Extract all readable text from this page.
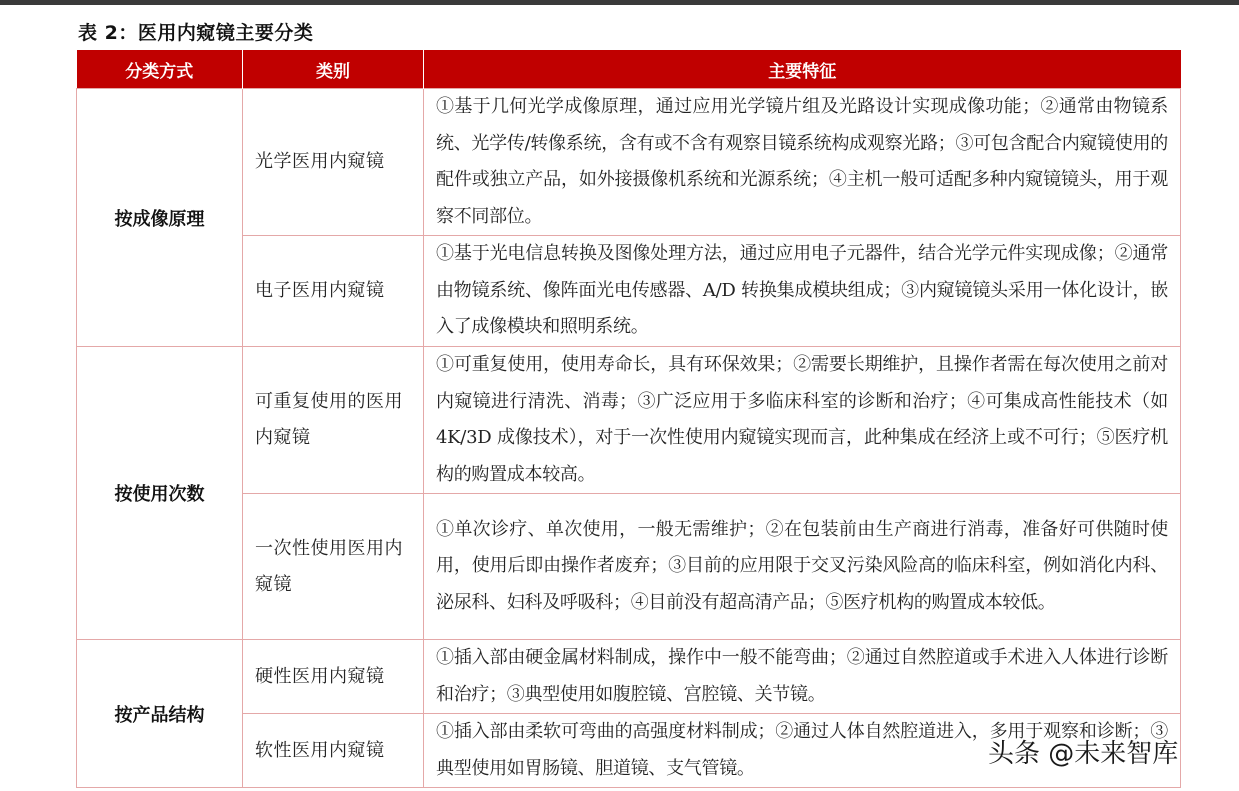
表 2：医用内窥镜主要分类
分类方式	类别	主要特征
按成像原理	光学医用内窥镜	①基于几何光学成像原理，通过应用光学镜片组及光路设计实现成像功能；②通常由物镜系统、光学传/转像系统，含有或不含有观察目镜系统构成观察光路；③可包含配合内窥镜使用的配件或独立产品，如外接摄像机系统和光源系统；④主机一般可适配多种内窥镜镜头，用于观察不同部位。
	电子医用内窥镜	①基于光电信息转换及图像处理方法，通过应用电子元器件，结合光学元件实现成像；②通常由物镜系统、像阵面光电传感器、A/D 转换集成模块组成；③内窥镜镜头采用一体化设计，嵌入了成像模块和照明系统。
按使用次数	可重复使用的医用内窥镜	①可重复使用，使用寿命长，具有环保效果；②需要长期维护，且操作者需在每次使用之前对内窥镜进行清洗、消毒；③广泛应用于多临床科室的诊断和治疗；④可集成高性能技术（如 4K/3D 成像技术），对于一次性使用内窥镜实现而言，此种集成在经济上或不可行；⑤医疗机构的购置成本较高。
	一次性使用医用内窥镜	①单次诊疗、单次使用，一般无需维护；②在包装前由生产商进行消毒，准备好可供随时使用，使用后即由操作者废弃；③目前的应用限于交叉污染风险高的临床科室，例如消化内科、泌尿科、妇科及呼吸科；④目前没有超高清产品；⑤医疗机构的购置成本较低。
按产品结构	硬性医用内窥镜	①插入部由硬金属材料制成，操作中一般不能弯曲；②通过自然腔道或手术进入人体进行诊断和治疗；③典型使用如腹腔镜、宫腔镜、关节镜。
	软性医用内窥镜	①插入部由柔软可弯曲的高强度材料制成；②通过人体自然腔道进入，多用于观察和诊断；③典型使用如胃肠镜、胆道镜、支气管镜。	头条 @未来智库
